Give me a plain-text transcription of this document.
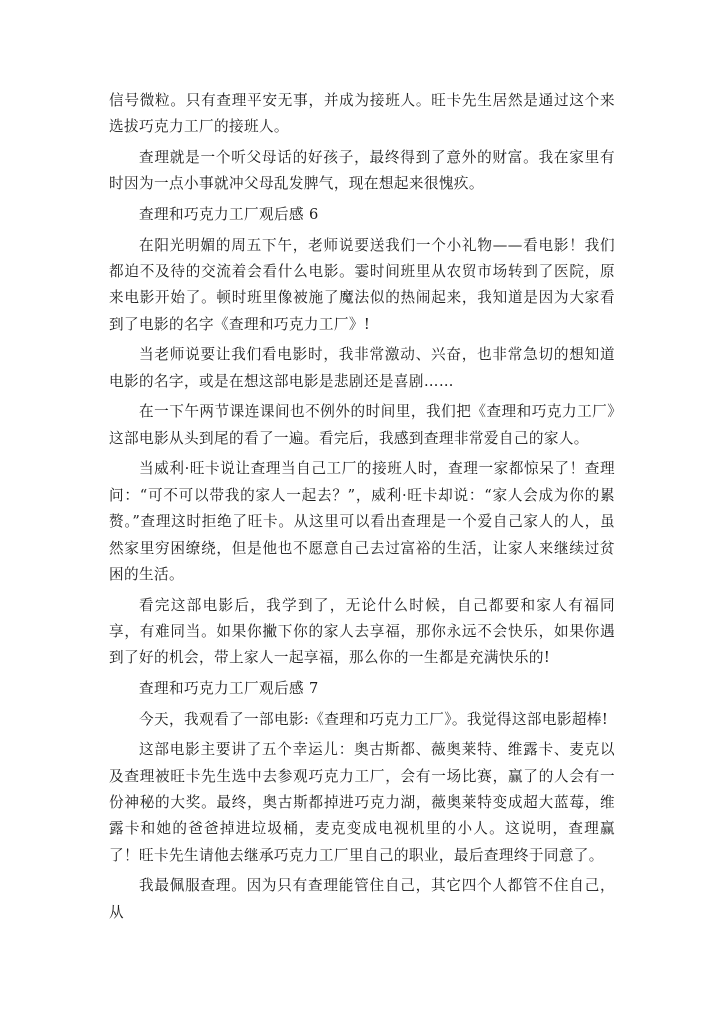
信号微粒。只有查理平安无事，并成为接班人。旺卡先生居然是通过这个来选拔巧克力工厂的接班人。

查理就是一个听父母话的好孩子，最终得到了意外的财富。我在家里有时因为一点小事就冲父母乱发脾气，现在想起来很愧疚。

查理和巧克力工厂观后感 6

在阳光明媚的周五下午，老师说要送我们一个小礼物——看电影！我们都迫不及待的交流着会看什么电影。霎时间班里从农贸市场转到了医院，原来电影开始了。顿时班里像被施了魔法似的热闹起来，我知道是因为大家看到了电影的名字《查理和巧克力工厂》!

当老师说要让我们看电影时，我非常激动、兴奋，也非常急切的想知道电影的名字，或是在想这部电影是悲剧还是喜剧……

在一下午两节课连课间也不例外的时间里，我们把《查理和巧克力工厂》这部电影从头到尾的看了一遍。看完后，我感到查理非常爱自己的家人。

当威利·旺卡说让查理当自己工厂的接班人时，查理一家都惊呆了！查理问：“可不可以带我的家人一起去？”，威利·旺卡却说：“家人会成为你的累赘。”查理这时拒绝了旺卡。从这里可以看出查理是一个爱自己家人的人，虽然家里穷困缭绕，但是他也不愿意自己去过富裕的生活，让家人来继续过贫困的生活。

看完这部电影后，我学到了，无论什么时候，自己都要和家人有福同享，有难同当。如果你撇下你的家人去享福，那你永远不会快乐，如果你遇到了好的机会，带上家人一起享福，那么你的一生都是充满快乐的!

查理和巧克力工厂观后感 7

今天，我观看了一部电影:《查理和巧克力工厂》。我觉得这部电影超棒!

这部电影主要讲了五个幸运儿：奥古斯都、薇奥莱特、维露卡、麦克以及查理被旺卡先生选中去参观巧克力工厂，会有一场比赛，赢了的人会有一份神秘的大奖。最终，奥古斯都掉进巧克力湖，薇奥莱特变成超大蓝莓，维露卡和她的爸爸掉进垃圾桶，麦克变成电视机里的小人。这说明，查理赢了！旺卡先生请他去继承巧克力工厂里自己的职业，最后查理终于同意了。

我最佩服查理。因为只有查理能管住自己，其它四个人都管不住自己，从
